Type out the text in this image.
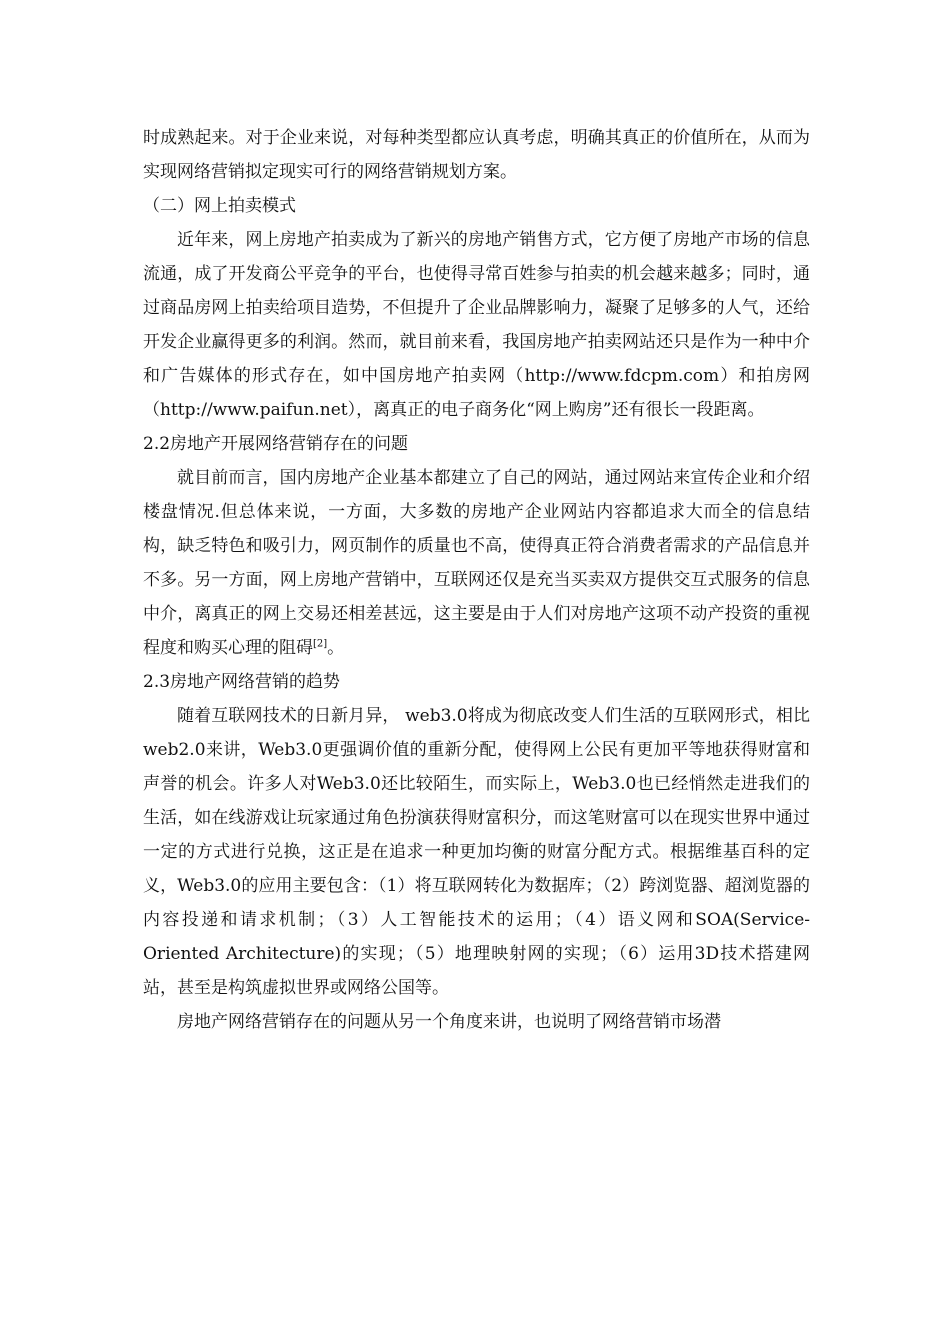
时成熟起来。对于企业来说，对每种类型都应认真考虑，明确其真正的价值所在，从而为实现网络营销拟定现实可行的网络营销规划方案。

（二）网上拍卖模式

近年来，网上房地产拍卖成为了新兴的房地产销售方式，它方便了房地产市场的信息流通，成了开发商公平竞争的平台，也使得寻常百姓参与拍卖的机会越来越多；同时，通过商品房网上拍卖给项目造势，不但提升了企业品牌影响力，凝聚了足够多的人气，还给开发企业赢得更多的利润。然而，就目前来看，我国房地产拍卖网站还只是作为一种中介和广告媒体的形式存在，如中国房地产拍卖网（http://www.fdcpm.com）和拍房网（http://www.paifun.net），离真正的电子商务化“网上购房”还有很长一段距离。

2.2房地产开展网络营销存在的问题

就目前而言，国内房地产企业基本都建立了自己的网站，通过网站来宣传企业和介绍楼盘情况.但总体来说，一方面，大多数的房地产企业网站内容都追求大而全的信息结构，缺乏特色和吸引力，网页制作的质量也不高，使得真正符合消费者需求的产品信息并不多。另一方面，网上房地产营销中，互联网还仅是充当买卖双方提供交互式服务的信息中介，离真正的网上交易还相差甚远，这主要是由于人们对房地产这项不动产投资的重视程度和购买心理的阻碍[2]。

2.3房地产网络营销的趋势

随着互联网技术的日新月异， web3.0将成为彻底改变人们生活的互联网形式，相比web2.0来讲，Web3.0更强调价值的重新分配，使得网上公民有更加平等地获得财富和声誉的机会。许多人对Web3.0还比较陌生，而实际上，Web3.0也已经悄然走进我们的生活，如在线游戏让玩家通过角色扮演获得财富积分，而这笔财富可以在现实世界中通过一定的方式进行兑换，这正是在追求一种更加均衡的财富分配方式。根据维基百科的定义，Web3.0的应用主要包含：（1）将互联网转化为数据库；（2）跨浏览器、超浏览器的内容投递和请求机制；（3）人工智能技术的运用；（4）语义网和SOA(Service-Oriented Architecture)的实现；（5）地理映射网的实现；（6）运用3D技术搭建网站，甚至是构筑虚拟世界或网络公国等。

房地产网络营销存在的问题从另一个角度来讲，也说明了网络营销市场潜
